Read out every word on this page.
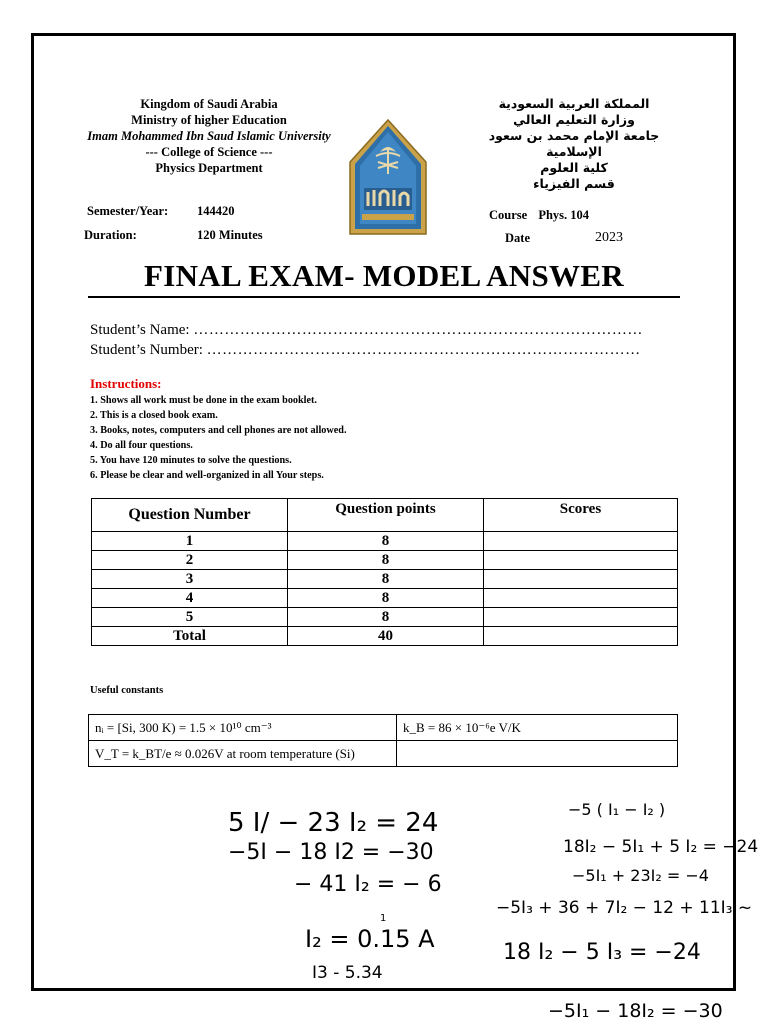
Kingdom of Saudi Arabia
Ministry of higher Education
Imam Mohammed Ibn Saud Islamic University
--- College of Science ---
Physics Department
Semester/Year: 144420
Duration:	120 Minutes
المملكة العربية السعودية
وزارة التعليم العالي
جامعة الإمام محمد بن سعود الإسلامية
كلية العلوم
قسم الفيزياء
Course Phys. 104
Date	2023
FINAL EXAM- MODEL ANSWER
Student’s Name: ……………………………………………………………………………
Student’s Number: …………………………………………………………………………
Instructions:
1. Shows all work must be done in the exam booklet.
2. This is a closed book exam.
3. Books, notes, computers and cell phones are not allowed.
4. Do all four questions.
5. You have 120 minutes to solve the questions.
6. Please be clear and well-organized in all Your steps.
Question Number	Question points	Scores
1	8	
2	8	
3	8	
4	8	
5	8	
Total	40	
Useful constants
nᵢ = [Si, 300 K) = 1.5 × 10¹⁰ cm⁻³	k_B = 86 × 10⁻⁶e V/K
V_T = k_BT/e ≈ 0.026V at room temperature (Si)	
5 I/ − 23 I₂ = 24
−5I − 18 I2 = −30
− 41 I₂ = − 6
1
I₂ = 0.15 A
I3 - 5.34
−5 ( I₁ − I₂ )
18I₂ − 5I₁ + 5 I₂ = −24
−5I₁ + 23I₂ = −4
−5I₃ + 36 + 7I₂ − 12 + 11I₃ ~
18 I₂ − 5 I₃ = −24
−5I₁ − 18I₂ = −30
